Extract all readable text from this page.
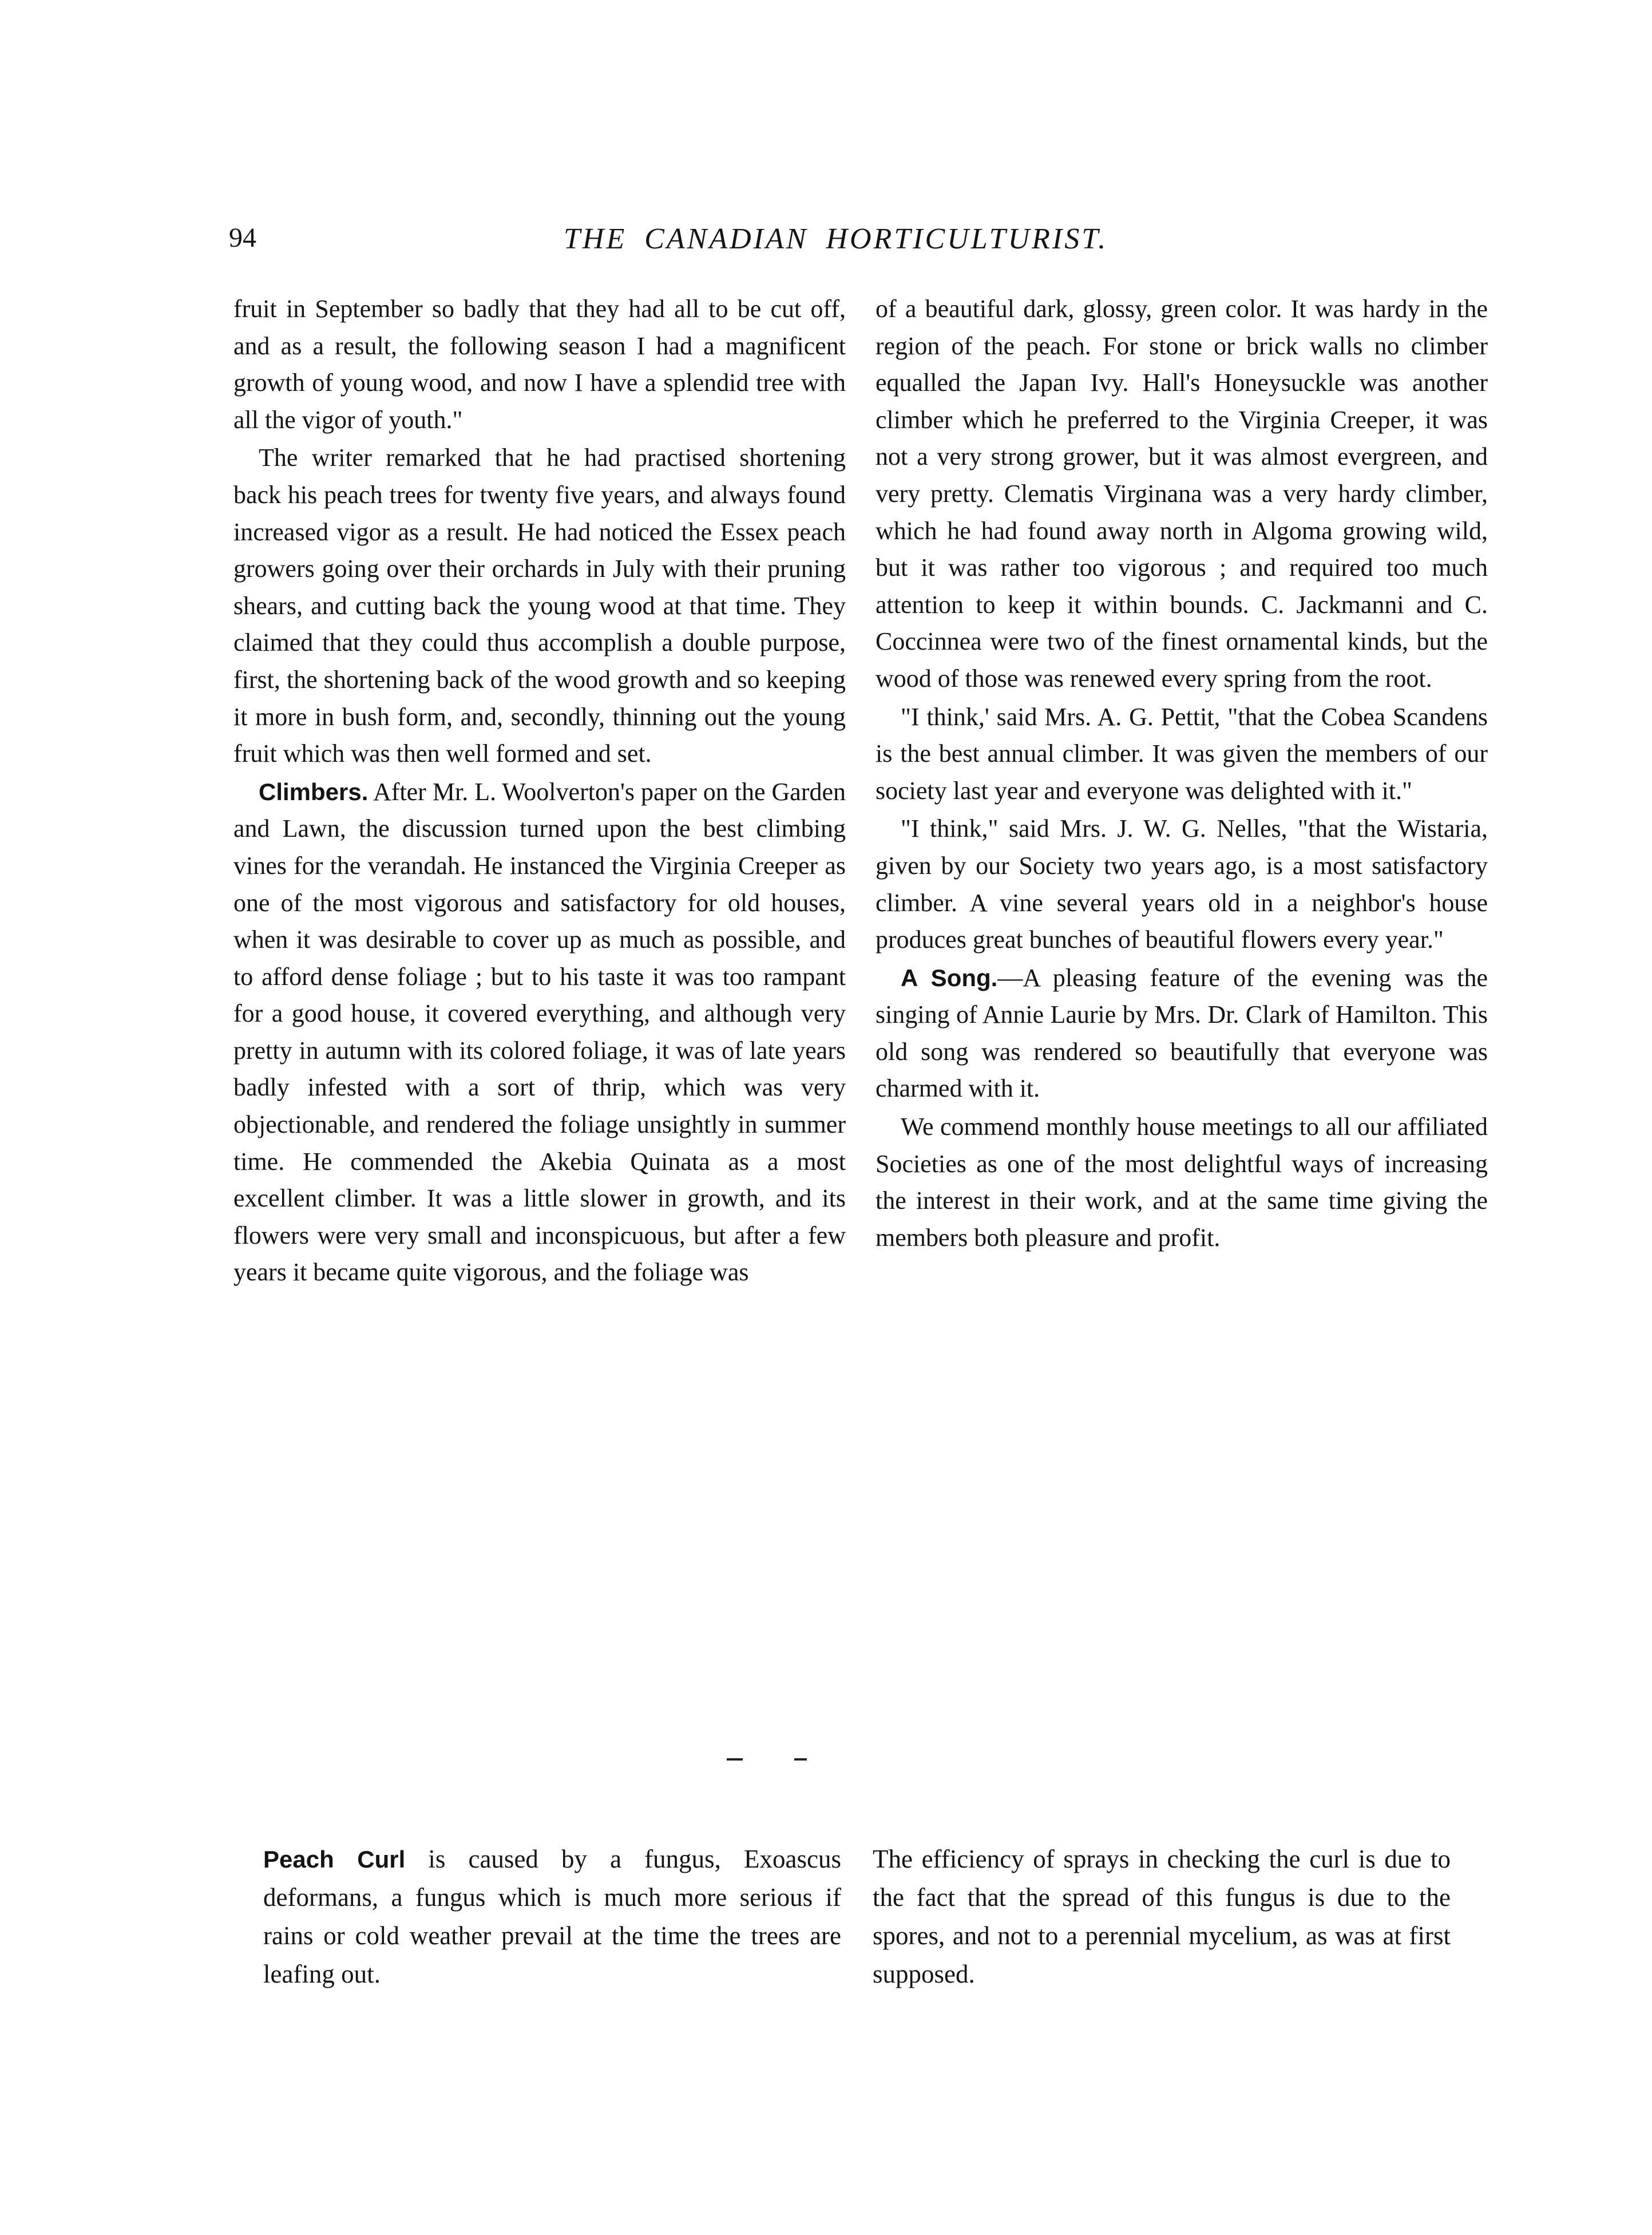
94	THE CANADIAN HORTICULTURIST.

fruit in September so badly that they had all to be cut off, and as a result, the following season I had a magnificent growth of young wood, and now I have a splendid tree with all the vigor of youth."

The writer remarked that he had practised shortening back his peach trees for twenty five years, and always found increased vigor as a result. He had noticed the Essex peach growers going over their orchards in July with their pruning shears, and cutting back the young wood at that time. They claimed that they could thus accomplish a double purpose, first, the shortening back of the wood growth and so keeping it more in bush form, and, secondly, thinning out the young fruit which was then well formed and set.

Climbers. After Mr. L. Woolverton's paper on the Garden and Lawn, the discussion turned upon the best climbing vines for the verandah. He instanced the Virginia Creeper as one of the most vigorous and satisfactory for old houses, when it was desirable to cover up as much as possible, and to afford dense foliage ; but to his taste it was too rampant for a good house, it covered everything, and although very pretty in autumn with its colored foliage, it was of late years badly infested with a sort of thrip, which was very objectionable, and rendered the foliage unsightly in summer time. He commended the Akebia Quinata as a most excellent climber. It was a little slower in growth, and its flowers were very small and inconspicuous, but after a few years it became quite vigorous, and the foliage was

of a beautiful dark, glossy, green color. It was hardy in the region of the peach. For stone or brick walls no climber equalled the Japan Ivy. Hall's Honeysuckle was another climber which he preferred to the Virginia Creeper, it was not a very strong grower, but it was almost evergreen, and very pretty. Clematis Virginana was a very hardy climber, which he had found away north in Algoma growing wild, but it was rather too vigorous ; and required too much attention to keep it within bounds. C. Jackmanni and C. Coccinnea were two of the finest ornamental kinds, but the wood of those was renewed every spring from the root.

"I think,' said Mrs. A. G. Pettit, "that the Cobea Scandens is the best annual climber. It was given the members of our society last year and everyone was delighted with it."

"I think," said Mrs. J. W. G. Nelles, "that the Wistaria, given by our Society two years ago, is a most satisfactory climber. A vine several years old in a neighbor's house produces great bunches of beautiful flowers every year."

A Song.—A pleasing feature of the evening was the singing of Annie Laurie by Mrs. Dr. Clark of Hamilton. This old song was rendered so beautifully that everyone was charmed with it.

We commend monthly house meetings to all our affiliated Societies as one of the most delightful ways of increasing the interest in their work, and at the same time giving the members both pleasure and profit.

Peach Curl is caused by a fungus, Exoascus deformans, a fungus which is much more serious if rains or cold weather prevail at the time the trees are leafing out.

The efficiency of sprays in checking the curl is due to the fact that the spread of this fungus is due to the spores, and not to a perennial mycelium, as was at first supposed.
